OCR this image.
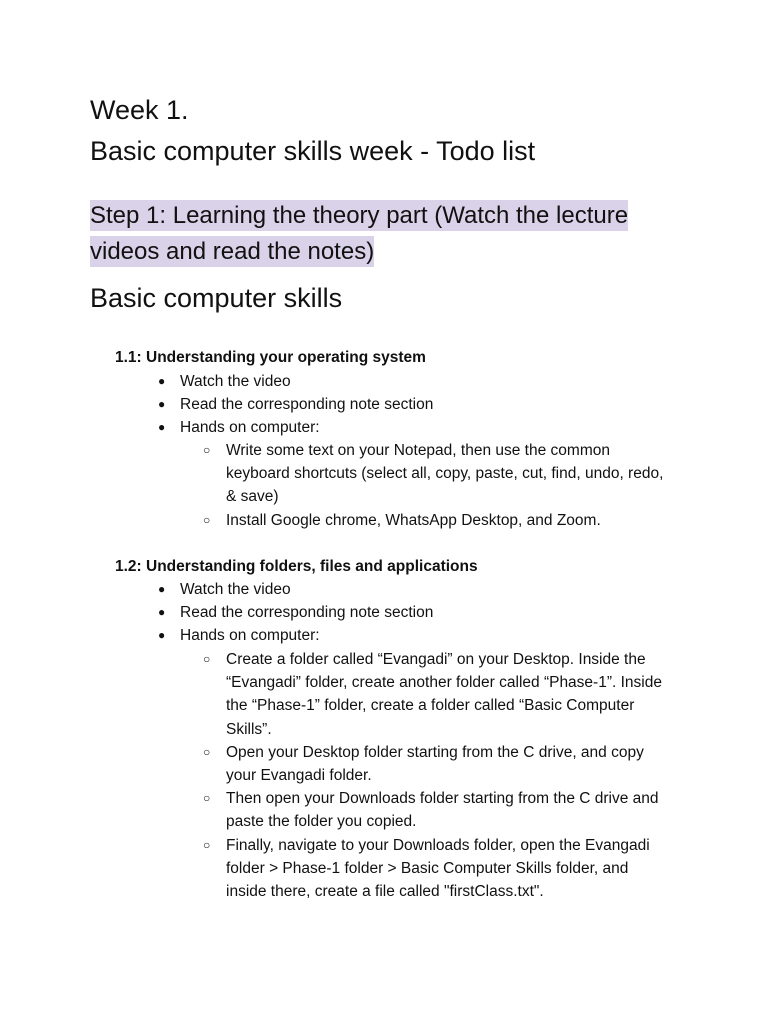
Week 1.
Basic computer skills week - Todo list
Step 1: Learning the theory part (Watch the lecture videos and read the notes)
Basic computer skills
1.1: Understanding your operating system
● Watch the video
● Read the corresponding note section
● Hands on computer:
○ Write some text on your Notepad, then use the common keyboard shortcuts (select all, copy, paste, cut, find, undo, redo, & save)
○ Install Google chrome, WhatsApp Desktop, and Zoom.
1.2: Understanding folders, files and applications
● Watch the video
● Read the corresponding note section
● Hands on computer:
○ Create a folder called “Evangadi” on your Desktop. Inside the “Evangadi” folder, create another folder called “Phase-1”. Inside the “Phase-1” folder, create a folder called “Basic Computer Skills”.
○ Open your Desktop folder starting from the C drive, and copy your Evangadi folder.
○ Then open your Downloads folder starting from the C drive and paste the folder you copied.
○ Finally, navigate to your Downloads folder, open the Evangadi folder > Phase-1 folder > Basic Computer Skills folder, and inside there, create a file called "firstClass.txt".
